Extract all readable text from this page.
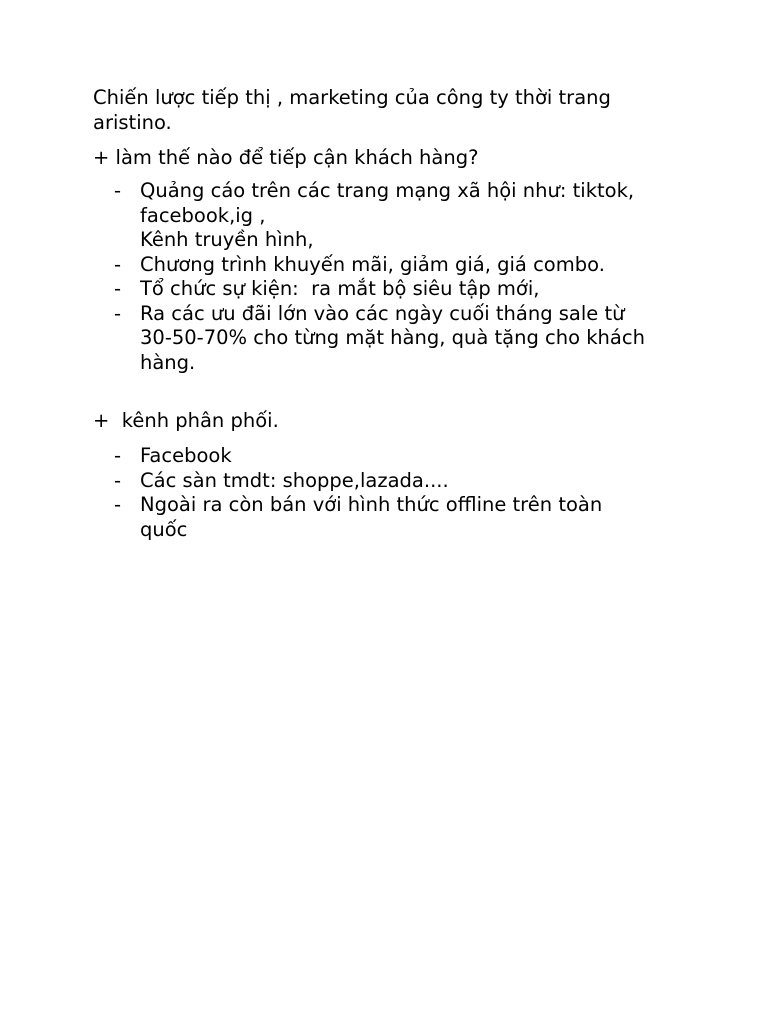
Chiến lược tiếp thị , marketing của công ty thời trang
aristino.
+ làm thế nào để tiếp cận khách hàng?
- Quảng cáo trên các trang mạng xã hội như: tiktok,
facebook,ig ,
Kênh truyền hình,
- Chương trình khuyến mãi, giảm giá, giá combo.
- Tổ chức sự kiện:  ra mắt bộ siêu tập mới,
- Ra các ưu đãi lớn vào các ngày cuối tháng sale từ
30-50-70% cho từng mặt hàng, quà tặng cho khách
hàng.
+  kênh phân phối.
- Facebook
- Các sàn tmdt: shoppe,lazada....
- Ngoài ra còn bán với hình thức offline trên toàn
quốc
